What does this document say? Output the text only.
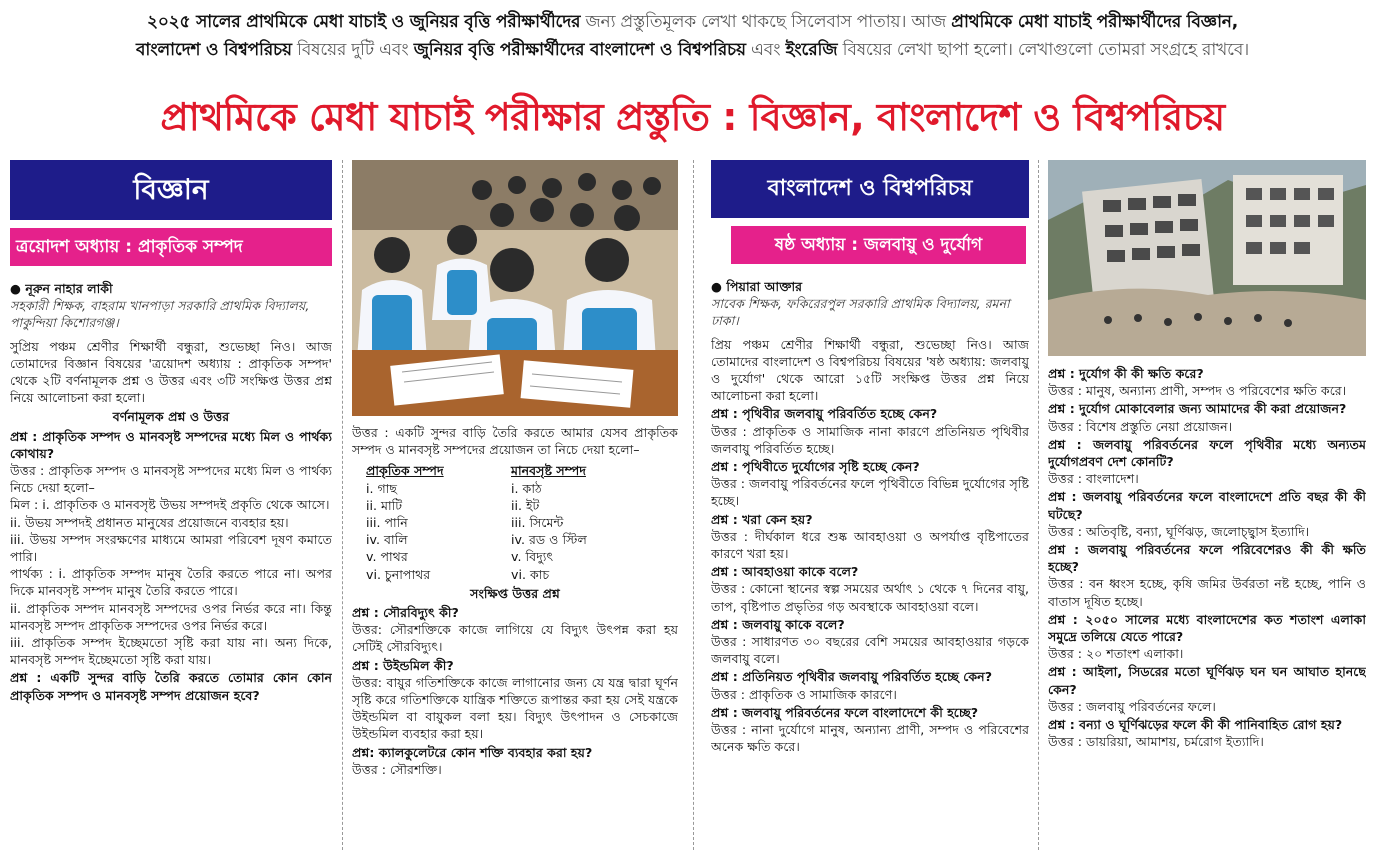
২০২৫ সালের প্রাথমিকে মেধা যাচাই ও জুনিয়র বৃত্তি পরীক্ষার্থীদের জন্য প্রস্তুতিমূলক লেখা থাকছে সিলেবাস পাতায়। আজ প্রাথমিকে মেধা যাচাই পরীক্ষার্থীদের বিজ্ঞান,
বাংলাদেশ ও বিশ্বপরিচয় বিষয়ের দুটি এবং জুনিয়র বৃত্তি পরীক্ষার্থীদের বাংলাদেশ ও বিশ্বপরিচয় এবং ইংরেজি বিষয়ের লেখা ছাপা হলো। লেখাগুলো তোমরা সংগ্রহে রাখবে।
প্রাথমিকে মেধা যাচাই পরীক্ষার প্রস্তুতি : বিজ্ঞান, বাংলাদেশ ও বিশ্বপরিচয়
বিজ্ঞান
ত্রয়োদশ অধ্যায় : প্রাকৃতিক সম্পদ
● নূরুন নাহার লাকী
সহকারী শিক্ষক, বাহরাম খানপাড়া সরকারি প্রাথমিক বিদ্যালয়, পাকুন্দিয়া কিশোরগঞ্জ।

সুপ্রিয় পঞ্চম শ্রেণীর শিক্ষার্থী বন্ধুরা, শুভেচ্ছা নিও। আজ তোমাদের বিজ্ঞান বিষয়ের 'ত্রয়োদশ অধ্যায় : প্রাকৃতিক সম্পদ' থেকে ২টি বর্ণনামূলক প্রশ্ন ও উত্তর এবং ৩টি সংক্ষিপ্ত উত্তর প্রশ্ন নিয়ে আলোচনা করা হলো।

বর্ণনামূলক প্রশ্ন ও উত্তর

প্রশ্ন : প্রাকৃতিক সম্পদ ও মানবসৃষ্ট সম্পদের মধ্যে মিল ও পার্থক্য কোথায়?

উত্তর : প্রাকৃতিক সম্পদ ও মানবসৃষ্ট সম্পদের মধ্যে মিল ও পার্থক্য নিচে দেয়া হলো–

মিল : i. প্রাকৃতিক ও মানবসৃষ্ট উভয় সম্পদই প্রকৃতি থেকে আসে।

ii. উভয় সম্পদই প্রধানত মানুষের প্রয়োজনে ব্যবহার হয়।

iii. উভয় সম্পদ সংরক্ষণের মাধ্যমে আমরা পরিবেশ দূষণ কমাতে পারি।

পার্থক্য : i. প্রাকৃতিক সম্পদ মানুষ তৈরি করতে পারে না। অপর দিকে মানবসৃষ্ট সম্পদ মানুষ তৈরি করতে পারে।

ii. প্রাকৃতিক সম্পদ মানবসৃষ্ট সম্পদের ওপর নির্ভর করে না। কিন্তু মানবসৃষ্ট সম্পদ প্রাকৃতিক সম্পদের ওপর নির্ভর করে।

iii. প্রাকৃতিক সম্পদ ইচ্ছেমতো সৃষ্টি করা যায় না। অন্য দিকে, মানবসৃষ্ট সম্পদ ইচ্ছেমতো সৃষ্টি করা যায়।

প্রশ্ন : একটি সুন্দর বাড়ি তৈরি করতে তোমার কোন কোন প্রাকৃতিক সম্পদ ও মানবসৃষ্ট সম্পদ প্রয়োজন হবে?

উত্তর : একটি সুন্দর বাড়ি তৈরি করতে আমার যেসব প্রাকৃতিক সম্পদ ও মানবসৃষ্ট সম্পদের প্রয়োজন তা নিচে দেয়া হলো–

প্রাকৃতিক সম্পদ
i. গাছ
ii. মাটি
iii. পানি
iv. বালি
v. পাথর
vi. চুনাপাথর
মানবসৃষ্ট সম্পদ
i. কাঠ
ii. ইট
iii. সিমেন্ট
iv. রড ও স্টিল
v. বিদ্যুৎ
vi. কাচ
সংক্ষিপ্ত উত্তর প্রশ্ন

প্রশ্ন : সৌরবিদ্যুৎ কী?

উত্তর: সৌরশক্তিকে কাজে লাগিয়ে যে বিদ্যুৎ উৎপন্ন করা হয় সেটিই সৌরবিদ্যুৎ।

প্রশ্ন : উইন্ডমিল কী?

উত্তর: বায়ুর গতিশক্তিকে কাজে লাগানোর জন্য যে যন্ত্র দ্বারা ঘূর্ণন সৃষ্টি করে গতিশক্তিকে যান্ত্রিক শক্তিতে রূপান্তর করা হয় সেই যন্ত্রকে উইন্ডমিল বা বায়ুকল বলা হয়। বিদ্যুৎ উৎপাদন ও সেচকাজে উইন্ডমিল ব্যবহার করা হয়।

প্রশ্ন: ক্যালকুলেটরে কোন শক্তি ব্যবহার করা হয়?

উত্তর : সৌরশক্তি।

বাংলাদেশ ও বিশ্বপরিচয়
ষষ্ঠ অধ্যায় : জলবায়ু ও দুর্যোগ
● পিয়ারা আক্তার
সাবেক শিক্ষক, ফকিরেরপুল সরকারি প্রাথমিক বিদ্যালয়, রমনা ঢাকা।

প্রিয় পঞ্চম শ্রেণীর শিক্ষার্থী বন্ধুরা, শুভেচ্ছা নিও। আজ তোমাদের বাংলাদেশ ও বিশ্বপরিচয় বিষয়ের 'ষষ্ঠ অধ্যায়: জলবায়ু ও দুর্যোগ' থেকে আরো ১৫টি সংক্ষিপ্ত উত্তর প্রশ্ন নিয়ে আলোচনা করা হলো।

প্রশ্ন : পৃথিবীর জলবায়ু পরিবর্তিত হচ্ছে কেন?

উত্তর : প্রাকৃতিক ও সামাজিক নানা কারণে প্রতিনিয়ত পৃথিবীর জলবায়ু পরিবর্তিত হচ্ছে।

প্রশ্ন : পৃথিবীতে দুর্যোগের সৃষ্টি হচ্ছে কেন?

উত্তর : জলবায়ু পরিবর্তনের ফলে পৃথিবীতে বিভিন্ন দুর্যোগের সৃষ্টি হচ্ছে।

প্রশ্ন : খরা কেন হয়?

উত্তর : দীর্ঘকাল ধরে শুষ্ক আবহাওয়া ও অপর্যাপ্ত বৃষ্টিপাতের কারণে খরা হয়।

প্রশ্ন : আবহাওয়া কাকে বলে?

উত্তর : কোনো স্থানের স্বল্প সময়ের অর্থাৎ ১ থেকে ৭ দিনের বায়ু, তাপ, বৃষ্টিপাত প্রভৃতির গড় অবস্থাকে আবহাওয়া বলে।

প্রশ্ন : জলবায়ু কাকে বলে?

উত্তর : সাধারণত ৩০ বছরের বেশি সময়ের আবহাওয়ার গড়কে জলবায়ু বলে।

প্রশ্ন : প্রতিনিয়ত পৃথিবীর জলবায়ু পরিবর্তিত হচ্ছে কেন?

উত্তর : প্রাকৃতিক ও সামাজিক কারণে।

প্রশ্ন : জলবায়ু পরিবর্তনের ফলে বাংলাদেশে কী হচ্ছে?

উত্তর : নানা দুর্যোগে মানুষ, অন্যান্য প্রাণী, সম্পদ ও পরিবেশের অনেক ক্ষতি করে।

প্রশ্ন : দুর্যোগ কী কী ক্ষতি করে?

উত্তর : মানুষ, অন্যান্য প্রাণী, সম্পদ ও পরিবেশের ক্ষতি করে।

প্রশ্ন : দুর্যোগ মোকাবেলার জন্য আমাদের কী করা প্রয়োজন?

উত্তর : বিশেষ প্রস্তুতি নেয়া প্রয়োজন।

প্রশ্ন : জলবায়ু পরিবর্তনের ফলে পৃথিবীর মধ্যে অন্যতম দুর্যোগপ্রবণ দেশ কোনটি?

উত্তর : বাংলাদেশ।

প্রশ্ন : জলবায়ু পরিবর্তনের ফলে বাংলাদেশে প্রতি বছর কী কী ঘটছে?

উত্তর : অতিবৃষ্টি, বন্যা, ঘূর্ণিঝড়, জলোচ্ছ্বাস ইত্যাদি।

প্রশ্ন : জলবায়ু পরিবর্তনের ফলে পরিবেশেরও কী কী ক্ষতি হচ্ছে?

উত্তর : বন ধ্বংস হচ্ছে, কৃষি জমির উর্বরতা নষ্ট হচ্ছে, পানি ও বাতাস দূষিত হচ্ছে।

প্রশ্ন : ২০৫০ সালের মধ্যে বাংলাদেশের কত শতাংশ এলাকা সমুদ্রে তলিয়ে যেতে পারে?

উত্তর : ২০ শতাংশ এলাকা।

প্রশ্ন : আইলা, সিডরের মতো ঘূর্ণিঝড় ঘন ঘন আঘাত হানছে কেন?

উত্তর : জলবায়ু পরিবর্তনের ফলে।

প্রশ্ন : বন্যা ও ঘূর্ণিঝড়ের ফলে কী কী পানিবাহিত রোগ হয়?

উত্তর : ডায়রিয়া, আমাশয়, চর্মরোগ ইত্যাদি।
